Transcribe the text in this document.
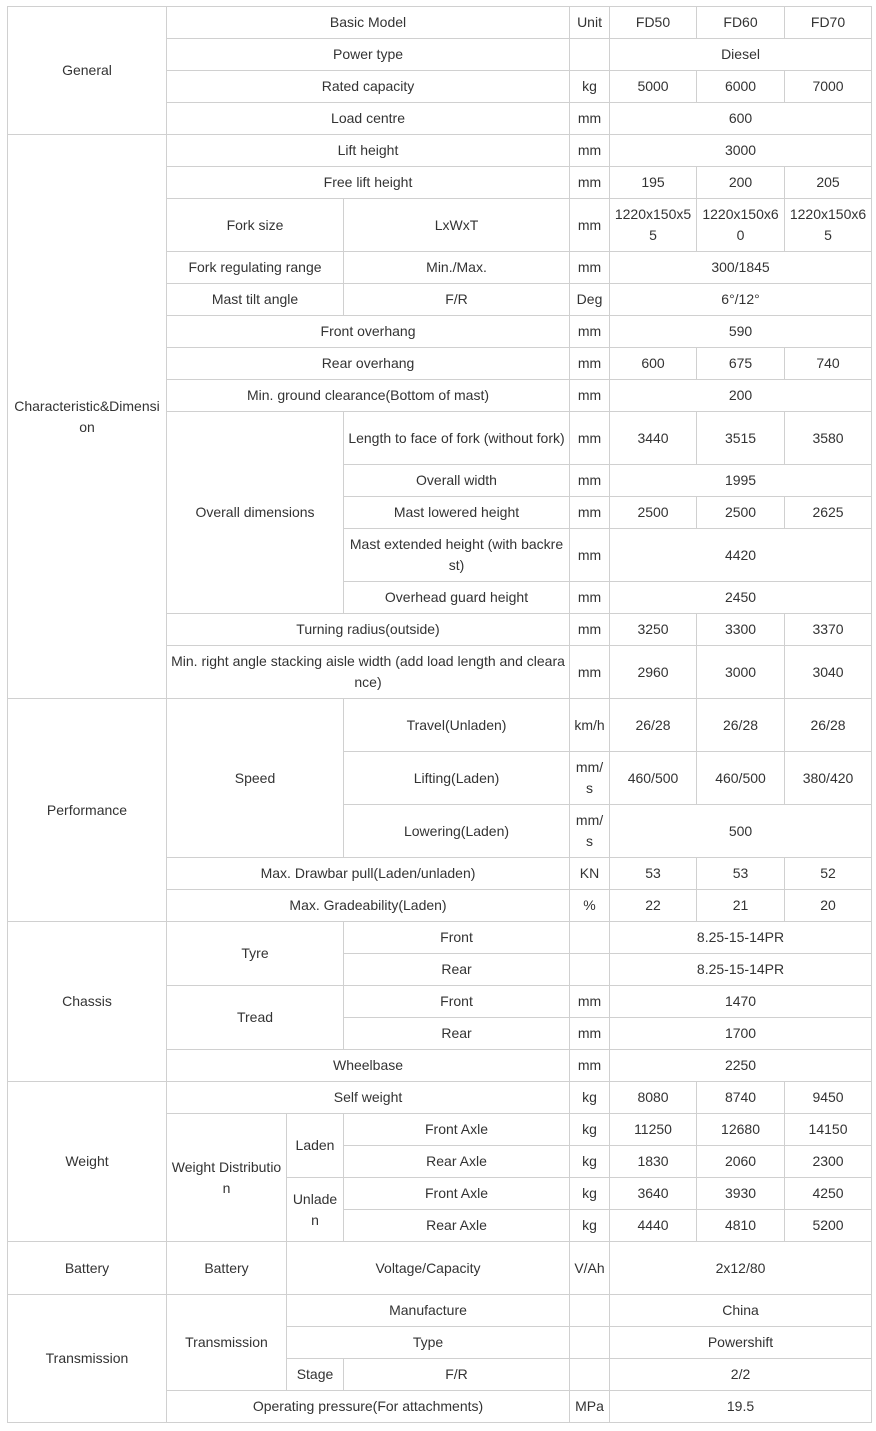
General	Basic Model			Unit	FD50	FD60	FD70
	Power type				Diesel		
	Rated capacity			kg	5000	6000	7000
	Load centre			mm	600		
Characteristic&Dimension	Lift height			mm	3000		
	Free lift height			mm	195	200	205
	Fork size		LxWxT	mm	1220x150x55	1220x150x60	1220x150x65
	Fork regulating range		Min./Max.	mm	300/1845		
	Mast tilt angle		F/R	Deg	6°/12°		
	Front overhang			mm	590		
	Rear overhang			mm	600	675	740
	Min. ground clearance(Bottom of mast)			mm	200		
	Overall dimensions		Length to face of fork (without fork)	mm	3440	3515	3580
			Overall width	mm	1995		
			Mast lowered height	mm	2500	2500	2625
			Mast extended height (with backrest)	mm	4420		
			Overhead guard height	mm	2450		
	Turning radius(outside)			mm	3250	3300	3370
	Min. right angle stacking aisle width (add load length and clearance)			mm	2960	3000	3040
Performance	Speed		Travel(Unladen)	km/h	26/28	26/28	26/28
			Lifting(Laden)	mm/s	460/500	460/500	380/420
			Lowering(Laden)	mm/s	500		
	Max. Drawbar pull(Laden/unladen)			KN	53	53	52
	Max. Gradeability(Laden)			%	22	21	20
Chassis	Tyre		Front		8.25-15-14PR		
			Rear		8.25-15-14PR		
	Tread		Front	mm	1470		
			Rear	mm	1700		
	Wheelbase			mm	2250		
Weight	Self weight			kg	8080	8740	9450
	Weight Distribution	Laden	Front Axle	kg	11250	12680	14150
			Rear Axle	kg	1830	2060	2300
		Unladen	Front Axle	kg	3640	3930	4250
			Rear Axle	kg	4440	4810	5200
Battery	Battery	Voltage/Capacity		V/Ah	2x12/80		
Transmission	Transmission	Manufacture			China		
		Type			Powershift		
		Stage	F/R		2/2		
	Operating pressure(For attachments)			MPa	19.5		
